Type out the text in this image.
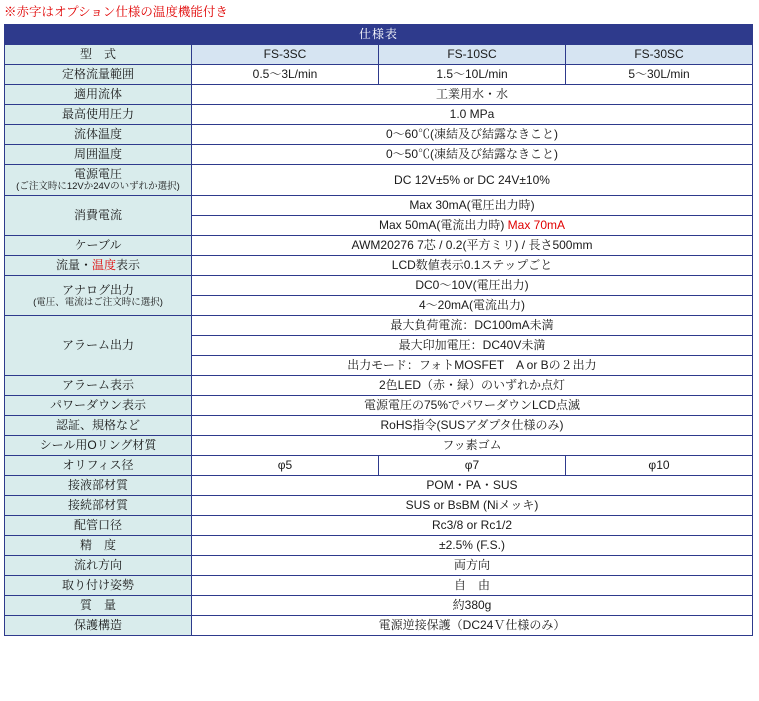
※赤字はオプション仕様の温度機能付き
仕様表			
型　式	FS-3SC	FS-10SC	FS-30SC
定格流量範囲	0.5〜3L/min	1.5〜10L/min	5〜30L/min
適用流体	工業用水・水		
最高使用圧力	1.0 MPa		
流体温度	0〜60℃(凍結及び結露なきこと)		
周囲温度	0〜50℃(凍結及び結露なきこと)		
電源電圧
(ご注文時に12Vか24Vのいずれか選択)	DC 12V±5% or DC 24V±10%		
消費電流	Max 30mA(電圧出力時)		
	Max 50mA(電流出力時) Max 70mA		
ケーブル	AWM20276 7芯 / 0.2(平方ミリ) / 長さ500mm		
流量・温度表示	LCD数値表示0.1ステップごと		
アナログ出力
(電圧、電流はご注文時に選択)	DC0〜10V(電圧出力)		
	4〜20mA(電流出力)		
アラーム出力	最大負荷電流：DC100mA未満		
	最大印加電圧：DC40V未満		
	出力モード：フォトMOSFET　A or Bの２出力		
アラーム表示	2色LED（赤・緑）のいずれか点灯		
パワーダウン表示	電源電圧の75%でパワーダウンLCD点滅		
認証、規格など	RoHS指令(SUSアダプタ仕様のみ)		
シール用Oリング材質	フッ素ゴム		
オリフィス径	φ5	φ7	φ10
接液部材質	POM・PA・SUS		
接続部材質	SUS or BsBM (Niメッキ)		
配管口径	Rc3/8 or Rc1/2		
精　度	±2.5% (F.S.)		
流れ方向	両方向		
取り付け姿勢	自　由		
質　量	約380g		
保護構造	電源逆接保護（DC24Ｖ仕様のみ）		
